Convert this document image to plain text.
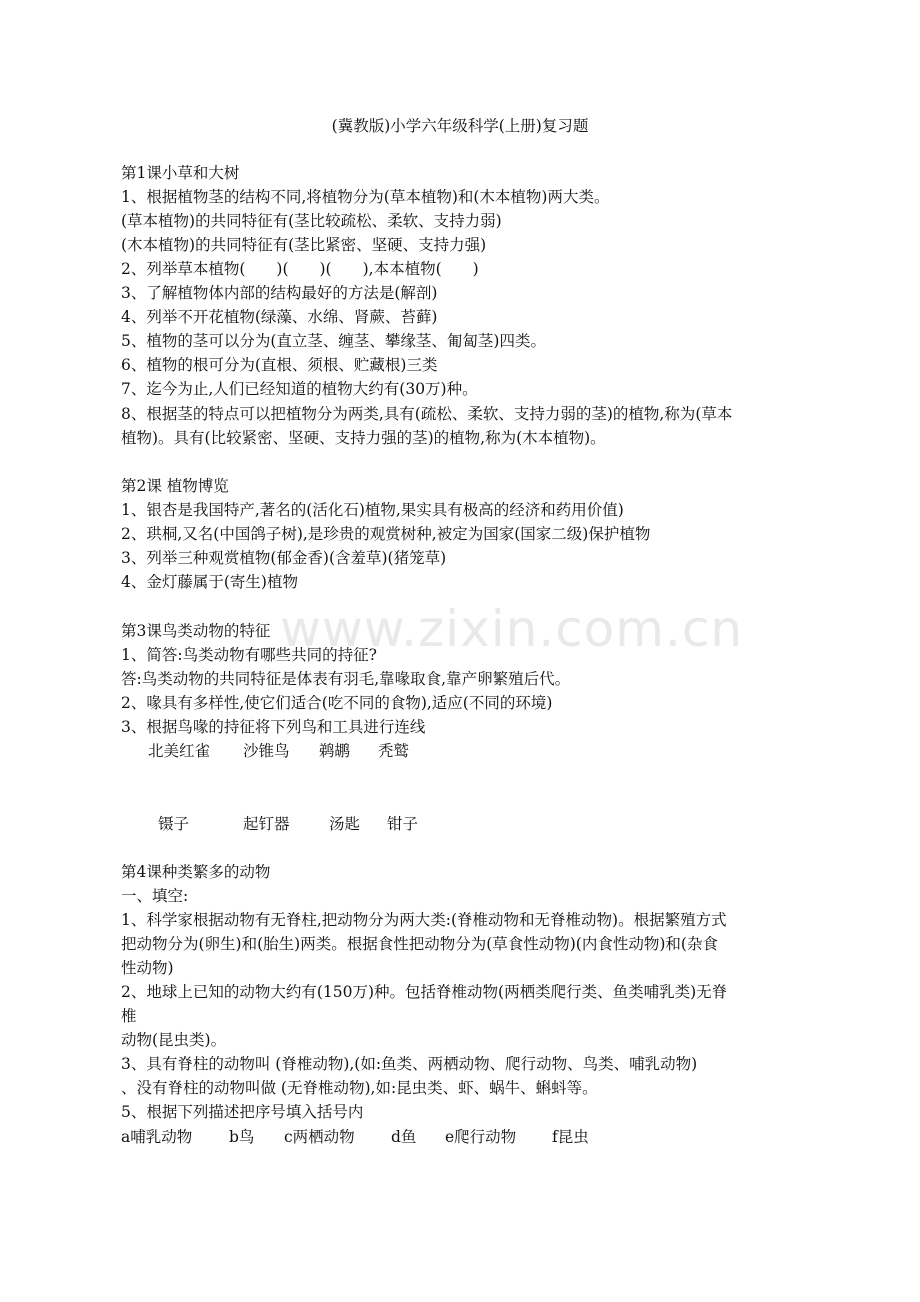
www.zixin.com.cn
(冀教版)小学六年级科学(上册)复习题
第1课小草和大树
1、根据植物茎的结构不同,将植物分为(草本植物)和(木本植物)两大类。
(草本植物)的共同特征有(茎比较疏松、柔软、支持力弱)
(木本植物)的共同特征有(茎比紧密、坚硬、支持力强)
2、列举草本植物(　　)(　　)(　　),本本植物(　　)
3、了解植物体内部的结构最好的方法是(解剖)
4、列举不开花植物(绿藻、水绵、肾蕨、苔藓)
5、植物的茎可以分为(直立茎、缠茎、攀缘茎、匍匐茎)四类。
6、植物的根可分为(直根、须根、贮藏根)三类
7、迄今为止,人们已经知道的植物大约有(30万)种。
8、根据茎的特点可以把植物分为两类,具有(疏松、柔软、支持力弱的茎)的植物,称为(草本
植物)。具有(比较紧密、坚硬、支持力强的茎)的植物,称为(木本植物)。
第2课 植物博览
1、银杏是我国特产,著名的(活化石)植物,果实具有极高的经济和药用价值)
2、珙桐,又名(中国鸽子树),是珍贵的观赏树种,被定为国家(国家二级)保护植物
3、列举三种观赏植物(郁金香)(含羞草)(猪笼草)
4、金灯藤属于(寄生)植物
第3课鸟类动物的特征
1、简答:鸟类动物有哪些共同的持征?
答:鸟类动物的共同特征是体表有羽毛,靠喙取食,靠产卵繁殖后代。
2、喙具有多样性,使它们适合(吃不同的食物),适应(不同的环境)
3、根据鸟喙的持征将下列鸟和工具进行连线
北美红雀 沙锥鸟 鹈鹕 秃鹫
镊子	起钉器	汤匙 钳子
第4课种类繁多的动物
一、填空:
1、科学家根据动物有无脊柱,把动物分为两大类:(脊椎动物和无脊椎动物)。根据繁殖方式
把动物分为(卵生)和(胎生)两类。根据食性把动物分为(草食性动物)(内食性动物)和(杂食
性动物)
2、地球上已知的动物大约有(150万)种。包括脊椎动物(两栖类爬行类、鱼类哺乳类)无脊
椎
动物(昆虫类)。
3、具有脊柱的动物叫 (脊椎动物),(如:鱼类、两栖动物、爬行动物、鸟类、哺乳动物)
、没有脊柱的动物叫做 (无脊椎动物),如:昆虫类、虾、蜗牛、蝌蚪等。
5、根据下列描述把序号填入括号内
a哺乳动物 b鸟 c两栖动物 d鱼 e爬行动物 f昆虫
